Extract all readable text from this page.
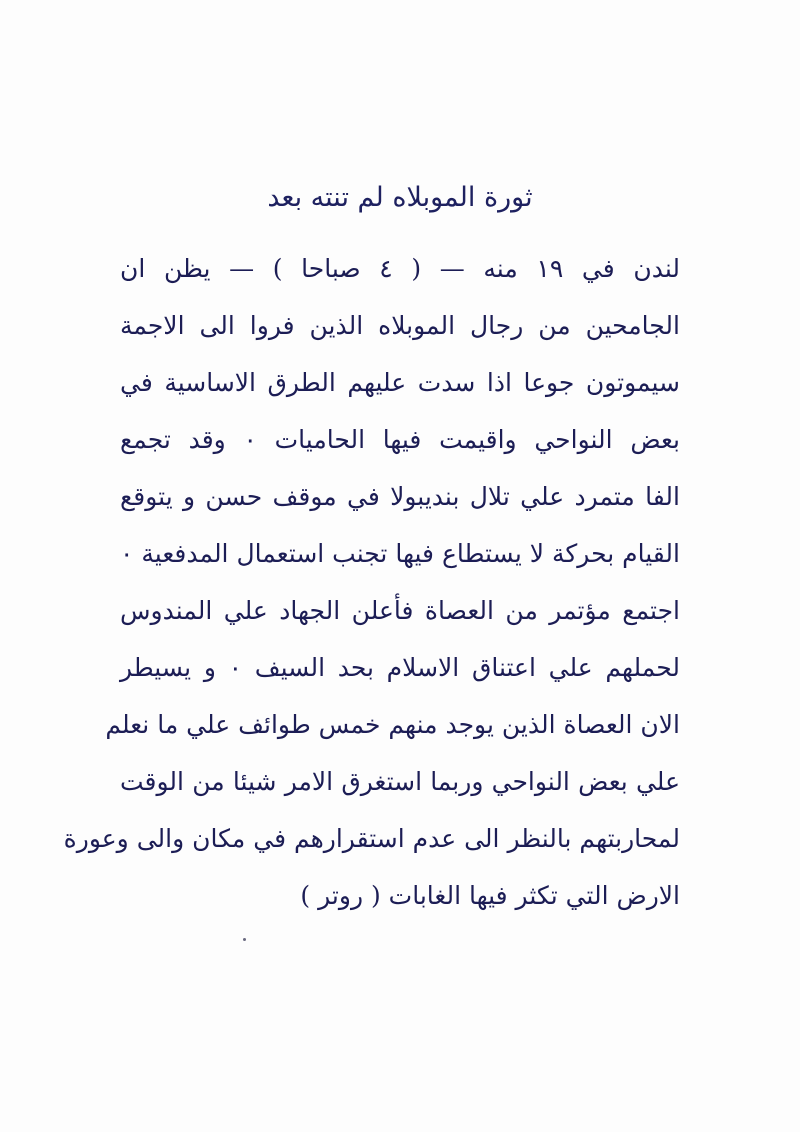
ثورة الموبلاه لم تنته بعد
لندن في ١٩ منه — ( ٤ صباحا ) — يظن ان
الجامحين من رجال الموبلاه الذين فروا الى الاجمة
سيموتون جوعا اذا سدت عليهم الطرق الاساسية في
بعض النواحي واقيمت فيها الحاميات ٠ وقد تجمع
الفا متمرد علي تلال بنديبولا في موقف حسن و يتوقع
القيام بحركة لا يستطاع فيها تجنب استعمال المدفعية ٠
اجتمع مؤتمر من العصاة فأعلن الجهاد علي المندوس
لحملهم علي اعتناق الاسلام بحد السيف ٠ و يسيطر
الان العصاة الذين يوجد منهم خمس طوائف علي ما نعلم
علي بعض النواحي وربما استغرق الامر شيئا من الوقت
لمحاربتهم بالنظر الى عدم استقرارهم في مكان والى وعورة
الارض التي تكثر فيها الغابات ( روتر )
